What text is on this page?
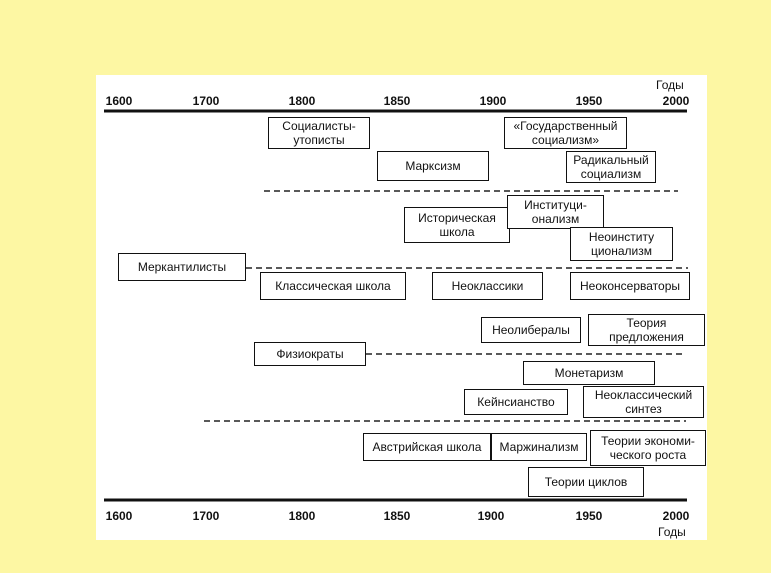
Годы
1600	1700	1800	1850	1900	1950	2000
Социалисты-
утописты
«Государственный
социализм»
Марксизм	Радикальный
социализм
Историческая
школа
Институци-
онализм
Неоинститу
ционализм
Меркантилисты
Классическая школа	Неоклассики	Неоконсерваторы
Неолибералы	Теория
предложения
Физиократы
Монетаризм
Кейнсианство	Неоклассический
синтез
Австрийская школа	Маржинализм	Теории экономи-
ческого роста
Теории циклов
1600	1700	1800	1850	1900	1950	2000
Годы
